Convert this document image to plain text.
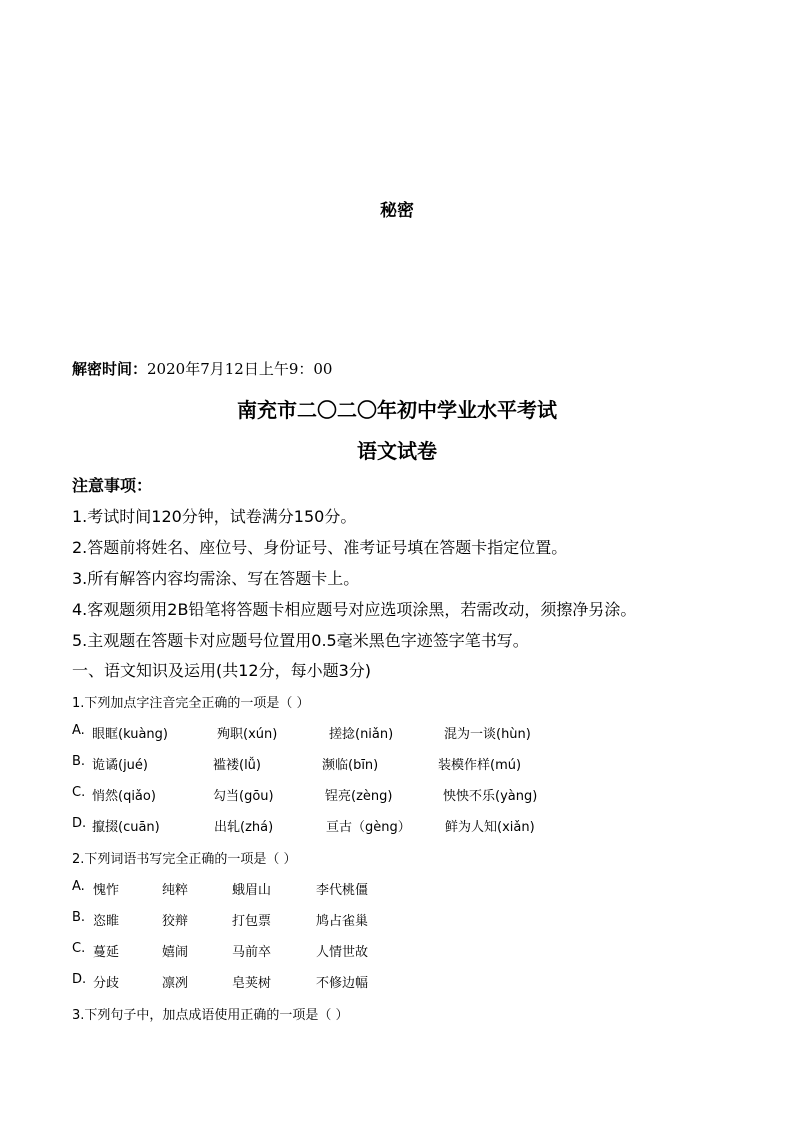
秘密
解密时间：2020年7月12日上午9：00
南充市二〇二〇年初中学业水平考试
语文试卷
注意事项：
1.考试时间120分钟，试卷满分150分。
2.答题前将姓名、座位号、身份证号、准考证号填在答题卡指定位置。
3.所有解答内容均需涂、写在答题卡上。
4.客观题须用2B铅笔将答题卡相应题号对应选项涂黑，若需改动，须擦净另涂。
5.主观题在答题卡对应题号位置用0.5毫米黑色字迹签字笔书写。
一、语文知识及运用(共12分，每小题3分)
1.下列加点字注音完全正确的一项是（ ）
A. 眼眶(kuàng)	殉职(xún)	搓捻(niǎn)	混为一谈(hùn)
B. 诡谲(jué)	褴褛(lǚ)	濒临(bīn)	装模作样(mú)
C. 悄然(qiǎo)	勾当(gōu)	锃亮(zèng)	怏怏不乐(yàng)
D. 攛掇(cuān)	出轧(zhá)	亘古（gèng）	鲜为人知(xiǎn)
2.下列词语书写完全正确的一项是（ ）
A. 愧怍	纯粹	蛾眉山	李代桃僵
B. 恣睢	狡辩	打包票	鸠占雀巢
C. 蔓延	嬉闹	马前卒	人情世故
D. 分歧	凛冽	皂荚树	不修边幅
3.下列句子中，加点成语使用正确的一项是（ ）
